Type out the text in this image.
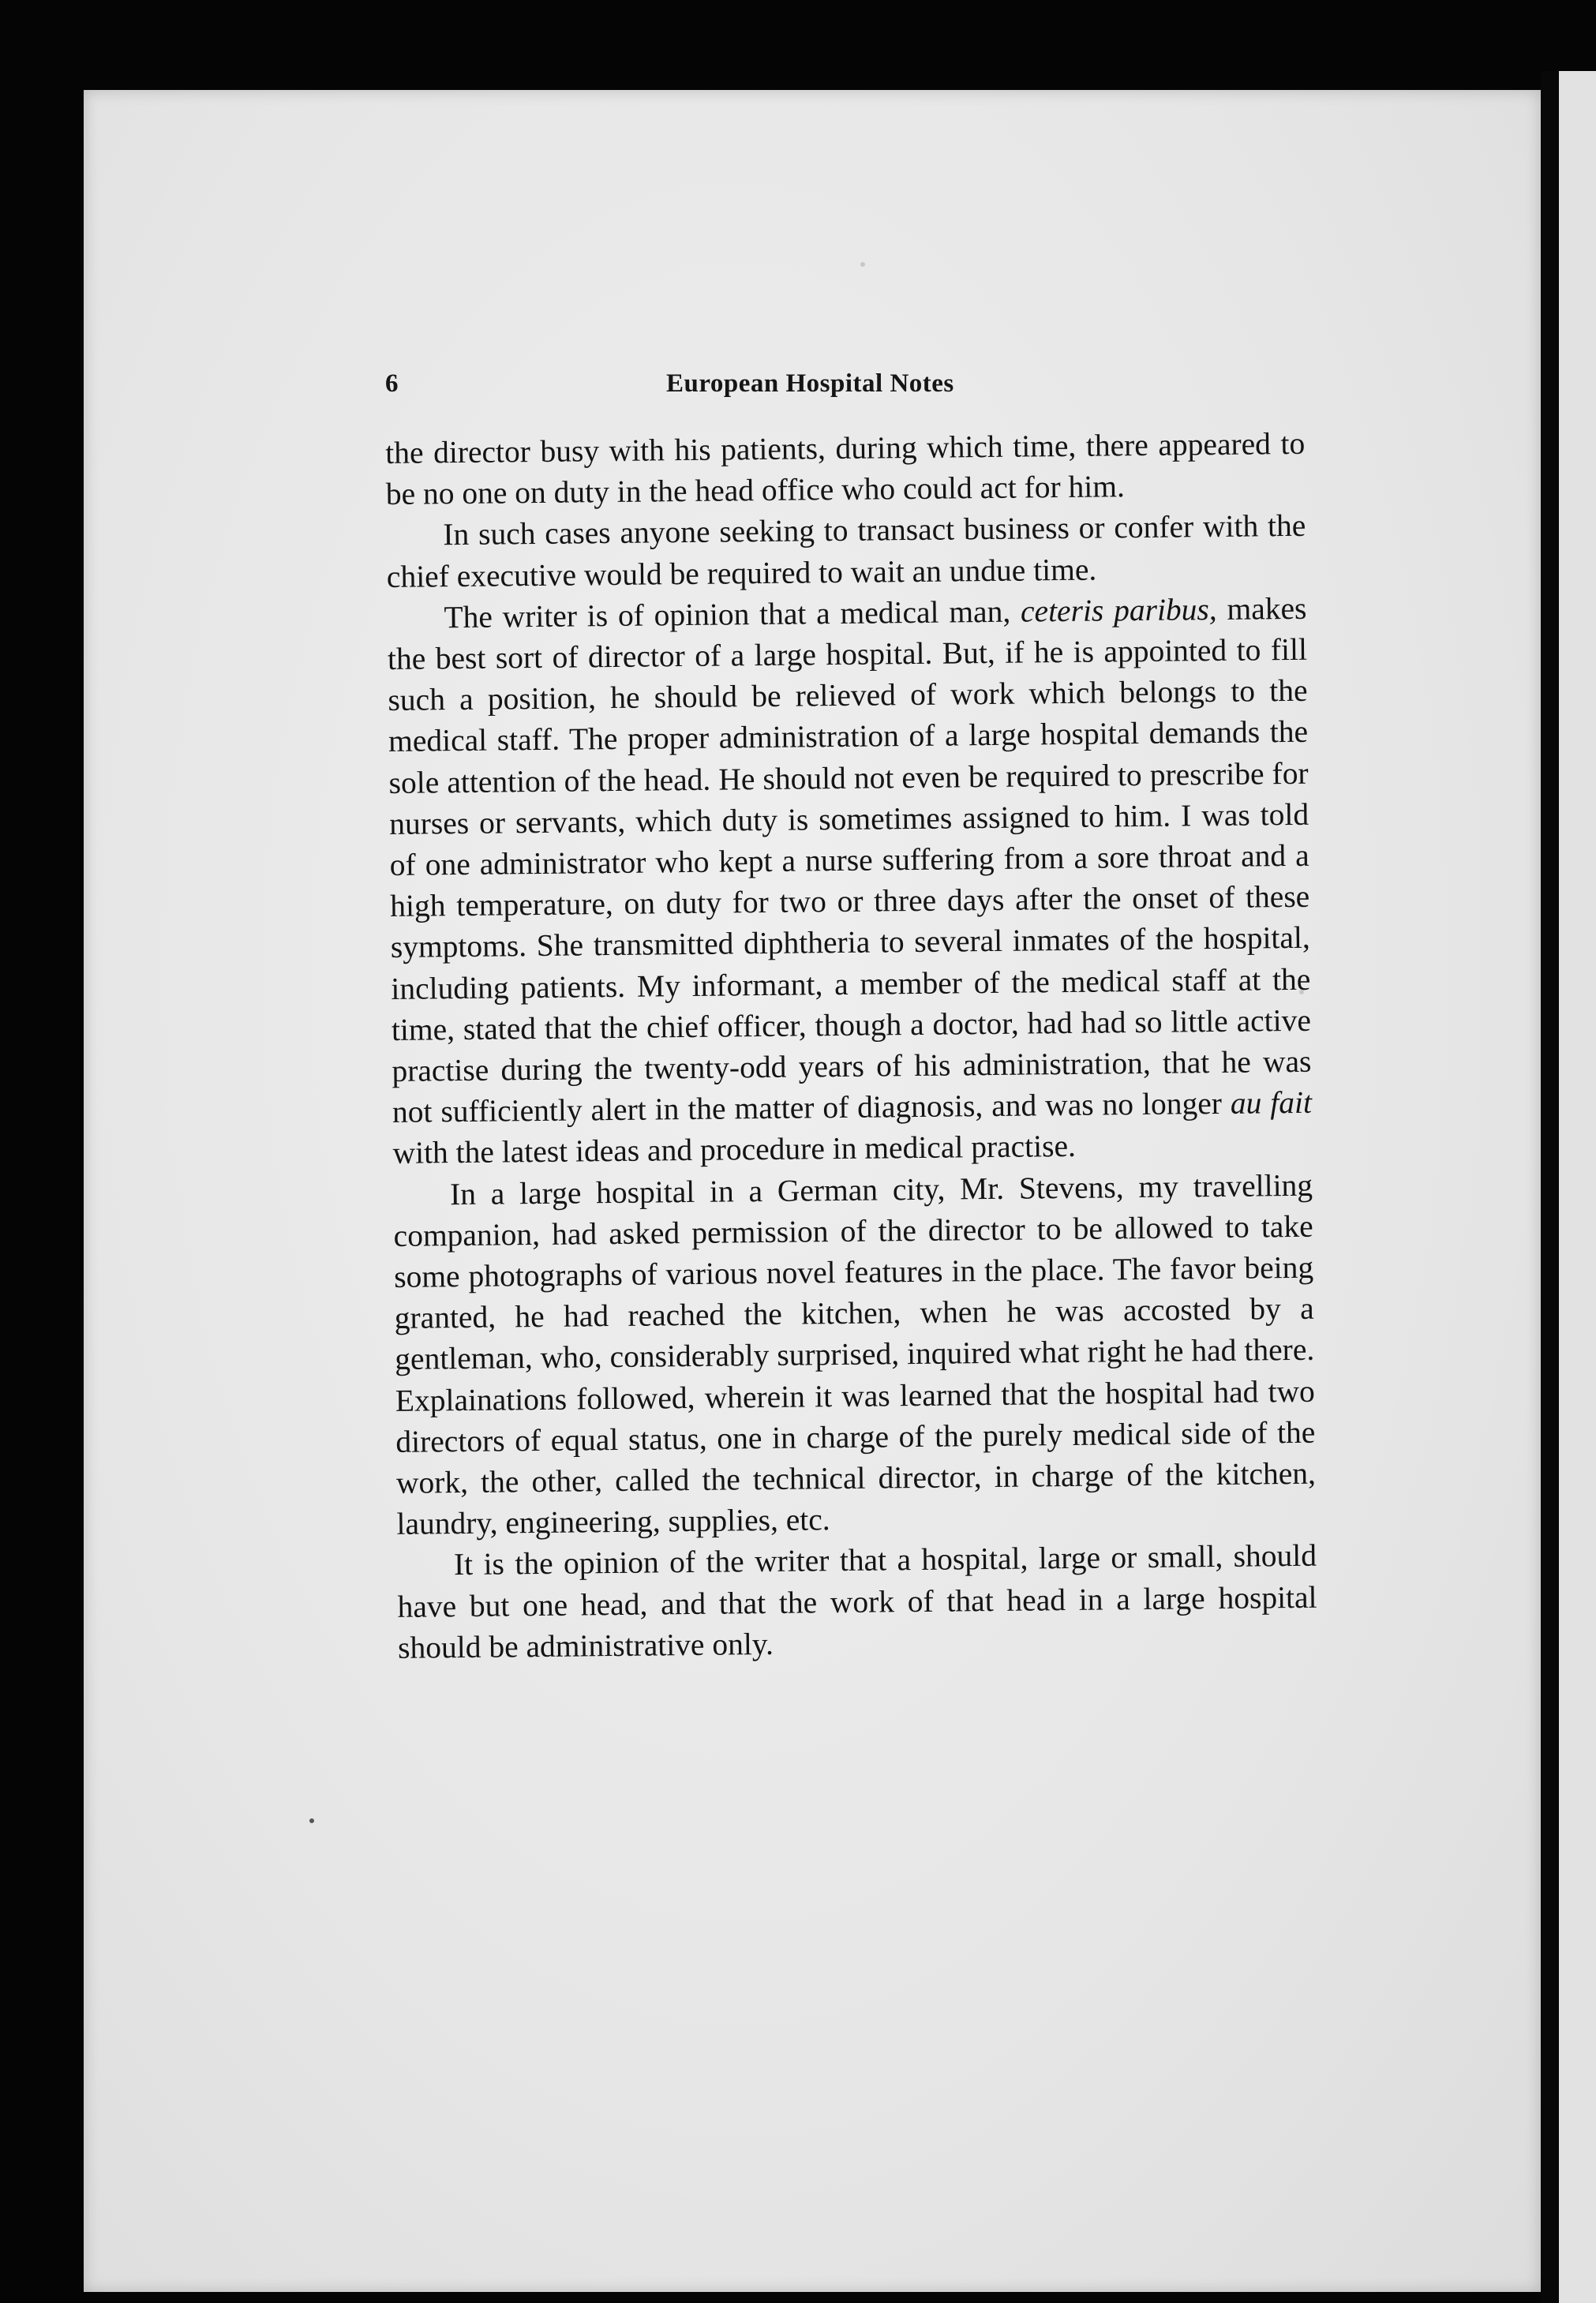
6	European Hospital Notes

the director busy with his patients, during which time, there appeared to be no one on duty in the head office who could act for him.

In such cases anyone seeking to transact business or confer with the chief executive would be required to wait an undue time.

The writer is of opinion that a medical man, ceteris paribus, makes the best sort of director of a large hospital. But, if he is appointed to fill such a position, he should be relieved of work which belongs to the medical staff. The proper administration of a large hospital demands the sole attention of the head. He should not even be required to prescribe for nurses or servants, which duty is sometimes assigned to him. I was told of one administrator who kept a nurse suffering from a sore throat and a high temperature, on duty for two or three days after the onset of these symptoms. She transmitted diphtheria to several inmates of the hospital, including patients. My informant, a member of the medical staff at the time, stated that the chief officer, though a doctor, had had so little active practise during the twenty-odd years of his administration, that he was not sufficiently alert in the matter of diagnosis, and was no longer au fait with the latest ideas and procedure in medical practise.

In a large hospital in a German city, Mr. Stevens, my travelling companion, had asked permission of the director to be allowed to take some photographs of various novel features in the place. The favor being granted, he had reached the kitchen, when he was accosted by a gentleman, who, considerably surprised, inquired what right he had there. Explainations followed, wherein it was learned that the hospital had two directors of equal status, one in charge of the purely medical side of the work, the other, called the technical director, in charge of the kitchen, laundry, engineering, supplies, etc.

It is the opinion of the writer that a hospital, large or small, should have but one head, and that the work of that head in a large hospital should be administrative only.
